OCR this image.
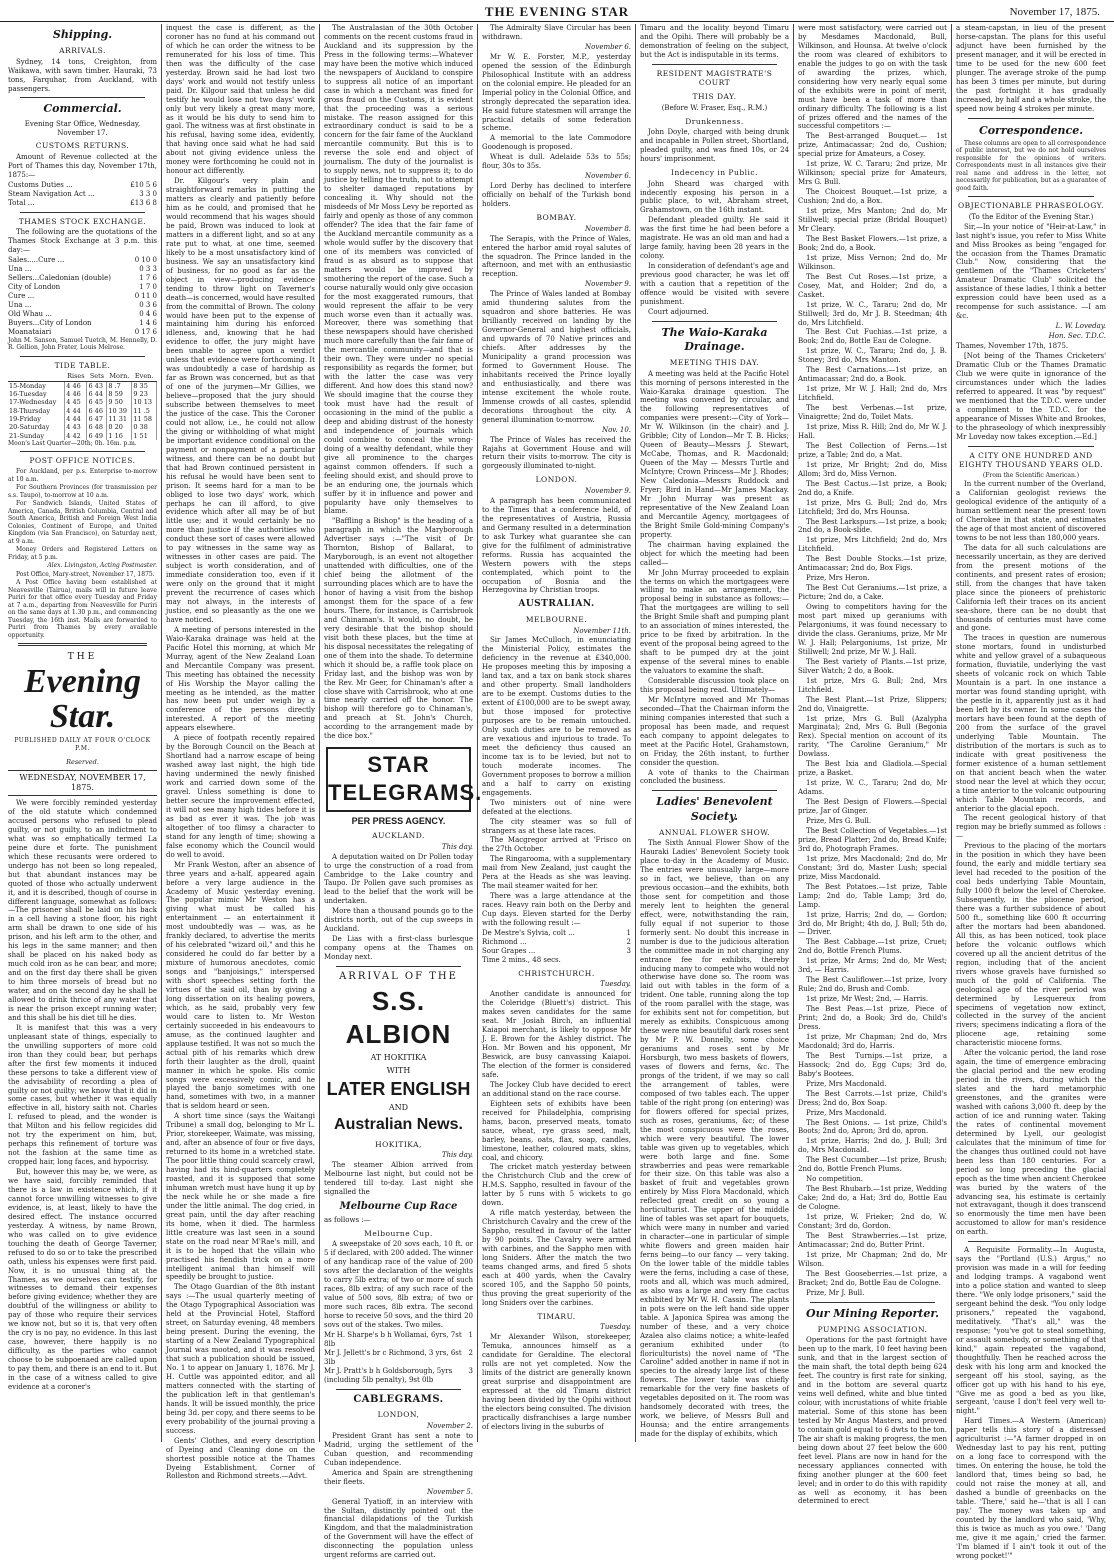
THE EVENING STAR	November 17, 1875.
Shipping.
ARRIVALS.

Sydney, 14 tons, Creighton, from Waikawa, with sawn timber. Hauraki, 73 tons, Farquhar, from Auckland, with passengers.

Commercial.

Evening Star Office, Wednesday, November 17.

CUSTOMS RETURNS.

Amount of Revenue collected at the Port of Thames this day, November 17th, 1875:—

Customs Duties ...	£10 5 6
Steam Navigation Act ...	3 3 0
Total ...	£13 6 8
THAMES STOCK EXCHANGE.

The following are the quotations of the Thames Stock Exchange at 3 p.m. this day:—

Sales.....Cure ...	0 10 0
Una ...	0 3 3
Sellers...Caledonian (double)	1 7 6
City of London	1 7 0
Cure ...	0 11 0
Una ...	0 3 6
Old Whau ...	0 4 6
Buyers...City of London	1 4 6
Moanataiari	0 17 6

John M. Sanson, Samuel Tuetch, M. Hennelly, D. R. Gellion, John Frater, Louis Melrose.

TIDE TABLE.
	Rises	Sets	Morn.	Even.
15-Monday	4 46	6 43	8 .7	8 35
16-Tuesday	4 46	6 44	8 59	9 23
17-Wednesday	4 45	6 45	9 50	10 13
18-Thursday	4 44	6 46	10 39	11 .5
19-Friday	4 44	6 47	11 31	11 58
20-Saturday	4 43	6 48	0 20	0 38
21-Sunday	4 42	6 49	1 16	1 51

Moon's Last Quarter—20th; 0h. 16m. p.m.

POST OFFICE NOTICES.

For Auckland, per p.s. Enterprise to-morrow at 10 a.m.

For Southern Provinces (for transmission per s.s. Taupo), to-morrow at 10 a.m.

For Sandwich Islands, United States of America, Canada, British Columbia, Central and South America, British and Foreign West India Colonies, Continent of Europe, and United Kingdom (via San Francisco), on Saturday next, at 9 a.m.

Money Orders and Registered Letters on Friday, at 5 p.m.

Alex. Livingston, Acting Postmaster.

Post Office, Mary-street, November 17, 1875.

A Post Office having been established at Neavesville (Tairua), mails will in future leave Puriri for that office every Tuesday and Friday at 7 a.m., departing from Neavesville for Puriri on the same days at 1.30 p.m., and commencing Tuesday, the 16th inst. Mails are forwarded to Puriri from Thames by every available opportunity.

THE
Evening Star.
PUBLISHED DAILY AT FOUR O'CLOCK P.M.
Reserved.
WEDNESDAY, NOVEMBER 17, 1875.

We were forcibly reminded yesterday of the old statute which condemned accused persons who refused to plead guilty, or not guilty, to an indictment to what was so emphatically termed La peine dure et forte. The punishment which these recusants were ordered to undergo has not been so long repealed, but that abundant instances may be quoted of those who actually underwent it, and it is described, though of course in different language, somewhat as follows:—The prisoner shall be laid on his back in a cell having a stone floor, his right arm shall be drawn to one side of his prison, and his left arm to the other, and his legs in the same manner; and then shall be placed on his naked body as much cold iron as he can bear, and more; and on the first day there shall be given to him three morsels of bread but no water, and on the second day he shall be allowed to drink thrice of any water that is near the prison except running water; and this shall be his diet till he dies.

It is manifest that this was a very unpleasant state of things, especially to the unwilling supporters of more cold iron than they could bear, but perhaps after the first few moments it induced these persons to take a different view of the advisability of recording a plea of guilty or not guilty; we know that it did in some cases, but whether it was equally effective in all, history saith not. Charles I. refused to plead, and the wonder is that Milton and his fellow regicides did not try the experiment on him, but, perhaps this refinement of torture was not the fashion at the same time as cropped hair, long faces, and hypocrisy.

But, however this may be, we were, as we have said, forcibly reminded that there is a law in existence which, if it cannot force unwilling witnesses to give evidence, is, at least, likely to have the desired effect. The instance occurred yesterday. A witness, by name Brown, who was called on to give evidence touching the death of George Taverner, refused to do so or to take the prescribed oath, unless his expenses were first paid. Now, it is no unusual thing at the Thames, as we ourselves can testify, for witnesses to demand their expenses before giving evidence; whether they are doubtful of the willingness or ability to pay of those who require their services we know not, but so it is, that very often the cry is no pay, no evidence. In this last case, however, there happily is no difficulty, as the parties who cannot choose to be subpoenaed are called upon to pay them, and there is an end to it. But in the case of a witness called to give evidence at a coroner's

inquest the case is different, as the coroner has no fund at his command out of which he can order the witness to be remunerated for his loss of time. This then was the difficulty of the case yesterday. Brown said he had lost two days' work and would not testify unless paid. Dr. Kilgour said that unless he did testify he would lose not two days' work only but very likely a great many more, as it would be his duty to send him to gaol. The witness was at first obstinate in his refusal, having some idea, evidently, that having once said what he had said about not giving evidence unless the money were forthcoming he could not in honour act differently.

Dr. Kilgour's very plain and straightforward remarks in putting the matters as clearly and patiently before him as he could, and promised that he would recommend that his wages should be paid, Brown was induced to look at matters in a different light, and so at any rate put to what, at one time, seemed likely to be a most unsatisfactory kind of business. We say an unsatisfactory kind of business, for no good as far as the object in view—producing evidence tending to throw light on Taverner's death—is concerned, would have resulted from the committal of Brown. The colony would have been put to the expense of maintaining him during his enforced idleness, and, knowing that he had evidence to offer, the jury might have been unable to agree upon a verdict unless that evidence were forthcoming. It was undoubtedly a case of hardship as far as Brown was concerned, but as that of one of the jurymen—Mr Gillies, we believe—proposed that the jury should subscribe between themselves to meet the justice of the case. This the Coroner could not allow, i.e., he could not allow the giving or withholding of what might be important evidence conditional on the payment or nonpayment of a particular witness, and there can be no doubt but that had Brown continued persistent in his refusal he would have been sent to prison. It seems hard for a man to be obliged to lose two days' work, which perhaps he can ill afford, to give evidence which after all may be of but little use; and it would certainly be no more than justice if the authorities who conduct these sort of cases were allowed to pay witnesses in the same way as witnesses in other cases are paid. The subject is worth consideration, and of immediate consideration too, even if it were only on the ground that it might prevent the recurrence of cases which may not always, in the interests of justice, end so pleasantly as the one we have noticed.

A meeting of persons interested in the Waio-Karaka drainage was held at the Pacific Hotel this morning, at which Mr Murray, agent of the New Zealand Loan and Mercantile Company was present. This meeting has obtained the necessity of His Worship the Mayor calling the meeting as he intended, as the matter has now been put under weigh by a conference of the persons directly interested. A report of the meeting appears elsewhere.

A piece of footpath recently repaired by the Borough Council on the Beach at Shortland had a narrow escape of being washed away last night, the high tide having undermined the newly finished work and carried down some of the gravel. Unless something is done to better secure the improvement effected, it will not see many high tides before it is as bad as ever it was. The job was altogether of too flimsy a character to stand for any length of time; showing a false economy which the Council would do well to avoid.

Mr Frank Weston, after an absence of three years and a-half, appeared again before a very large audience in the Academy of Music yesterday evening. The popular mimic Mr Weston has a giving what must be called his entertainment — an entertainment it most undoubtedly was — was, as he frankly declared, to advertise the merits of his celebrated "wizard oil," and this he considered he could do far better by a mixture of humorous anecdotes, comic songs and "banjoisings," interspersed with short speeches setting forth the virtues of the said oil, than by giving a long dissertation on its healing powers, which, as he said, probably very few would care to listen to. Mr Weston certainly succeeded in his endeavours to amuse, as the continued laughter and applause testified. It was not so much the actual pith of his remarks which drew forth their laughter as the droll, quaint manner in which he spoke. His comic songs were excessively comic, and he played the banjo sometimes with one hand, sometimes with two, in a manner that is seldom heard or seen.

A short time since (says the Waitangi Tribune) a small dog, belonging to Mr L. Prior, storekeeper, Waimate, was missing, and, after an absence of four or five days, returned to its home in a wretched state. The poor little thing could scarcely crawl, having had its hind-quarters completely roasted, and it is supposed that some inhuman wretch must have hung it up by the neck while he or she made a fire under the little animal. The dog cried, in great pain, until the day after reaching its home, when it died. The harmless little creature was last seen in a sound state on the road near M'Rae's mill, and it is to be hoped that the villain who practised his fiendish trick on a more intelligent animal than himself will speedily be brought to justice.

The Otago Guardian of the 8th instant says :—The usual quarterly meeting of the Otago Typographical Association was held at the Provincial Hotel, Stafford street, on Saturday evening, 48 members being present. During the evening, the starting of a New Zealand Typographical Journal was mooted, and it was resolved that such a publication should be issued, No. 1 to appear on January 1, 1876. Mr J. H. Cuttle was appointed editor, and all matters connected with the starting of the publication left in that gentleman's hands. It will be issued monthly, the price being 3d. per copy, and there seems to be every probability of the journal proving a success.

Gents' Clothes, and every description of Dyeing and Cleaning done on the shortest possible notice at the Thames Dyeing Establishment, Corner of Rolleston and Richmond streets.—Advt.

The Australasian of the 30th October comments on the recent customs fraud in Auckland and its suppression by the Press in the following terms:—Whatever may have been the motive which induced the newspapers of Auckland to conspire to suppress all notice of an important case in which a merchant was fined for gross fraud on the Customs, it is evident that the proceeding was a serious mistake. The reason assigned for this extraordinary conduct is said to be a concern for the fair fame of the Auckland mercantile community. But this is to reverse the sole end and object of journalism. The duty of the journalist is to supply news, not to suppress it; to do justice by telling the truth, not to attempt to shelter damaged reputations by concealing it. Why should not the misdeeds of Mr Moss Levy be reported as fairly and openly as those of any common offender? The idea that the fair fame of the Auckland mercantile community as a whole would suffer by the discovery that one of its members was convicted of fraud is as absurd as to suppose that matters would be improved by smothering the report of the case. Such a course naturally would only give occasion for the most exaggerated rumours, that would represent the affair to be very much worse even than it actually was. Moreover, there was something that these newspapers should have cherished much more carefully than the fair fame of the mercantile community—and that is their own. They were under no special responsibility as regards the former, but with the latter the case was very different. And how does this stand now? We should imagine that the course they took must have had the result of occasioning in the mind of the public a deep and abiding distrust of the honesty and independence of journals which could combine to conceal the wrong-doing of a wealthy defendant, while they give all prominence to the charges against common offenders. If such a feeling should exist, and should prove to be an enduring one, the journals which suffer by it in influence and power and popularity have only themselves to blame.

"Baffling a Bishop" is the heading of a paragraph in which the Maryborough Advertiser says :—"The visit of Dr Thornton, Bishop of Ballarat, to Maryborough, is an event not altogether unattended with difficulties, one of the chief being the allotment of the surrounding places which are to have the honor of having a visit from the bishop amongst them for the space of a few hours. There, for instance, is Carrisbrook and Chinaman's. It would, no doubt, be very desirable that the bishop should visit both these places, but the time at his disposal necessitates the relegating of one of them into the shade. To determine which it should be, a raffle took place on Friday last, and the bishop was won by the Rev. Mr Geer, for Chinaman's after a close shave with Carrisbrook, who at one time nearly carried off the honor. The bishop will therefore go to Chinaman's, and preach at St. John's Church, according to the arrangement made by the dice box."

STAR TELEGRAMS.
PER PRESS AGENCY.
AUCKLAND.

This day.

A deputation waited on Dr Pollen today to urge the construction of a road from Cambridge to the Lake country and Taupo. Dr Pollen gave such promises as lead to the belief that the work will be undertaken.

More than a thousand pounds go to the districts north, out of the cup sweeps in Auckland.

De Lias with a first-class burlesque company opens at the Thames on Monday next.

ARRIVAL OF THE
S.S. ALBION
AT HOKITIKA
WITH
LATER ENGLISH
AND
Australian News.
HOKITIKA,

This day.

The steamer Albion arrived from Melbourne last night, but could not be tendered till to-day. Last night she signalled the

Melbourne Cup Race

as follows :—

Melbourne Cup.

A sweepstake of 20 sovs each, 10 ft. or 5 if declared, with 200 added. The winner of any handicap race of the value of 200 sovs after the declaration of the weights to carry 5lb extra; of two or more of such races, 8lb extra; of any such race of the value of 500 sovs, 8lb extra; of two or more such races, 8lb extra. The second horse to receive 50 sovs, and the third 20 sovs out of the stakes. Two miles.

Mr H. Sharpe's b h Wollamai, 6yrs, 7st 8lb
1
Mr J. Jellett's br c Richmond, 3 yrs, 6st 3lb
2
Mr J. Pratt's b h Goldsborough, 5yrs (including 5lb penalty), 9st 0lb
3
CABLEGRAMS.
LONDON,

November 2.

President Grant has sent a note to Madrid, urging the settlement of the Cuban question, and recommending Cuban independence.

America and Spain are strengthening their fleets.

November 5.

General Tyatioff, in an interview with the Sultan, distinctly pointed out the financial dilapidations of the Turkish Kingdom, and that the maladministration of the Government will have the effect of disconnecting the population unless urgent reforms are carried out.

The Admiralty Slave Circular has been withdrawn.

November 6.

Mr W. E. Forster, M.P., yesterday opened the session of the Edinburgh Philosophical Institute with an address on the colonial empire. He pleaded for an Imperial policy in the Colonial Office, and strongly deprecated the separation idea. He said future statesmen will arrange the practical details of some federation scheme.

A memorial to the late Commodore Goodenough is proposed.

Wheat is dull. Adelaide 53s to 55s; flour, 30s to 35s.

November 6.

Lord Derby has declined to interfere officially on behalf of the Turkish bond holders.

BOMBAY.

November 8.

The Serapis, with the Prince of Wales, entered the harbor amid royal salutes of the squadron. The Prince landed in the afternoon, and met with an enthusiastic reception.

November 9.

The Prince of Wales landed at Bombay amid thundering salutes from the squadron and shore batteries. He was brilliantly received on landing by the Governor-General and highest officials, and upwards of 70 Native princes and chiefs. After addresses by the Municipality a grand procession was formed to Government House. The inhabitants received the Prince loyally and enthusiastically, and there was intense excitement the whole route. Immense crowds of all castes, splendid decorations throughout the city. A general illumination to-morrow.

Nov. 10.

The Prince of Wales has received the Rajahs at Government House and will return their visits to-morrow. The city is gorgeously illuminated to-night.

LONDON.

November 9.

A paragraph has been communicated to the Times that a conference held, of the representatives of Austria, Russia and Germany resulted in a determination to ask Turkey what guarantee she can give for the fulfilment of administrative reforms. Russia has acquainted the Western powers with the steps contemplated, which point to the occupation of Bosnia and the Herzegovina by Christian troops.

AUSTRALIAN.
MELBOURNE.

November 11th.

Sir James McCulloch, in enunciating the Ministerial Policy, estimates the deficiency in the revenue at £340,000. He proposes meeting this by imposing a land tax, and a tax on bank stock shares and other property. Small landholders are to be exempt. Customs duties to the extent of £100,000 are to be swept away, but those imposed for protective purposes are to be remain untouched. Only such duties are to be removed as are vexatious and injurious to trade. To meet the deficiency thus caused an income tax is to be levied, but not to touch moderate incomes. The Government proposes to borrow a million and a half to carry on existing engagements.

Two ministers out of nine were defeated at the elections.

The city steamer was so full of strangers as at these late races.

The Macgregor arrived at 'Frisco on the 27th October.

The Ringarooma, with a supplementary mail from New Zealand, just caught the Pera at the Heads as she was leaving. The mail steamer waited for her.

There was a large attendance at the races. Heavy rain both on the Derby and Cup days. Eleven started for the Derby with the following result :—

De Mestre's Sylvia, colt ...	1
Richmond ...	2
Sour Grapes ...	3

Time 2 mins., 48 secs.

CHRISTCHURCH.

Tuesday.

Another candidate is announced for the Coleridge (Bluett's) district. This makes seven candidates for the same seat. Mr Josiah Birch, an influential Kaiapoi merchant, is likely to oppose Mr J. E. Brown for the Ashley district. The Hon. Mr Bowen and his opponent, Mr Beswick, are busy canvassing Kaiapoi. The election of the former is considered safe.

The Jockey Club have decided to erect an additional stand on the race course.

Eighteen sets of exhibits have been received for Philadelphia, comprising hams, bacon, preserved meats, tomato sauce, wheat, rye grass seed, malt, barley, beans, oats, flax, soap, candles, limestone, leather, coloured mats, skins, coal, and chicory.

The cricket match yesterday between the Christchurch Club and the crew of H.M.S. Sappho, resulted in favour of the latter by 5 runs with 5 wickets to go down.

A rifle match yesterday, between the Christchurch Cavalry and the crew of the Sappho, resulted in favour of the latter by 90 points. The Cavalry were armed with carbines, and the Sappho men with long Sniders. After the match the two teams changed arms, and fired 5 shots each at 400 yards, when the Cavalry scored 105, and the Sappho 50 points, thus proving the great superiority of the long Sniders over the carbines.

TIMARU.

Tuesday.

Mr Alexander Wilson, storekeeper, Temuka, announces himself as a candidate for Geraldine. The electoral rolls are not yet completed. Now the limits of the district are generally known great surprise and disappointment are expressed at the old Timaru district having been divided by the Opihi without the electors being consulted. The division practically disfranchises a large number of electors living in the suburbs of

Timaru and the locality beyond Timaru and the Opihi. There will probably be a demonstration of feeling on the subject, but the Act is indisputable in its terms.

RESIDENT MAGISTRATE'S COURT
THIS DAY.

(Before W. Fraser, Esq., R.M.)

Drunkenness.

John Doyle, charged with being drunk and incapable in Pollen street, Shortland, pleaded guilty, and was fined 10s, or 24 hours' imprisonment.

Indecency in Public.

John Sheard was charged with indecently exposing his person in a public place, to wit, Abraham street, Grahamstown, on the 16th instant.

Defendant pleaded guilty. He said it was the first time he had been before a magistrate. He was an old man and had a large family, having been 28 years in the colony.

In consideration of defendant's age and previous good character, he was let off with a caution that a repetition of the offence would be visited with severe punishment.

Court adjourned.

The Waio-Karaka Drainage.
MEETING THIS DAY.

A meeting was held at the Pacific Hotel this morning of persons interested in the Waio-Karaka drainage question. The meeting was convened by circular, and the following representatives of companies were present:—City of York—Mr W. Wilkinson (in the chair) and J. Gribble; City of London—Mr T. B. Hicks; Queen of Beauty—Messrs J. Stewart, McCabe, Thomas, and R. Macdonald; Queen of the May — Messrs Turtle and McIntyre; Crown Princess—Mr J. Rhodes; New Caledonia—Messrs Ruddock and Fryer; Bird in Hand—Mr James Mackay. Mr John Murray was present as representative of the New Zealand Loan and Mercantile Agency, mortgagees of the Bright Smile Gold-mining Company's property.

The chairman having explained the object for which the meeting had been called—

Mr John Murray proceeded to explain the terms on which the mortgagees were willing to make an arrangement, the proposal being in substance as follows:—That the mortgagees are willing to sell the Bright Smile shaft and pumping plant to an association of mines interested, the price to be fixed by arbitration. In the event of the proposal being agreed to the shaft to be pumped dry at the joint expense of the several mines to enable the valuators to examine the shaft.

Considerable discussion took place on this proposal being read. Ultimately—

Mr McIntyre moved and Mr Thomas seconded—That the Chairman inform the mining companies interested that such a proposal has been made, and request each company to appoint delegates to meet at the Pacific Hotel, Grahamstown, on Friday, the 26th instant, to further consider the question.

A vote of thanks to the Chairman concluded the business.

Ladies' Benevolent Society.
ANNUAL FLOWER SHOW.

The Sixth Annual Flower Show of the Hauraki Ladies' Benevolent Society took place to-day in the Academy of Music. The entries were unusually large—more so in fact, we believe, than on any previous occasion—and the exhibits, both those sent for competition and those merely lent to heighten the general effect, were, notwithstanding the rain, fully equal if not superior to those formerly sent. No doubt this increase in number is due to the judicious alteration the committee made in not charging any entrance fee for exhibits, thereby inducing many to compete who would not otherwise have done so. The room was laid out with tables in the form of a trident. One table, running along the top of the room parallel with the stage, was for exhibits sent not for competition, but merely as exhibits. Conspicuous among these were nine beautiful dark roses sent by Mr P. W. Donnelly, some choice geraniums and roses sent by Mr Horsburgh, two mess baskets of flowers, vases of flowers and ferns, &c. The prongs of the trident, if we may so call the arrangement of tables, were composed of two tables each. The upper table of the right prong (on entering) was for flowers offered for special prizes, such as roses, geraniums, &c; of these the most conspicuous were the roses, which were very beautiful. The lower table was given up to vegetables, which were both large and fine. Some strawberries and peas were remarkable for their size. On this table was also a basket of fruit and vegetables grown entirely by Miss Flora Macdonald, which reflected great credit on so young a horticulturist. The upper of the middle line of tables was set apart for bouquets, which were many in number and varied in character—one in particular of simple white flowers and green maiden hair ferns being—to our fancy — very taking. On the lower table of the middle tables were the ferns, including a case of these, roots and all, which was much admired, as also was a large and very fine cactus exhibited by Mr W. H. Cassin. The plants in pots were on the left hand side upper table. A Japonica Spirea was among the number of these, and a very choice Azalea also claims notice; a white-leafed geranium exhibited under (to floriculturists) the novel name of "The Caroline" added another in name if not in species to the already large list of these flowers. The lower table was chiefly remarkable for the very fine baskets of vegetables deposited on it. The room was handsomely decorated with trees, the work, we believe, of Messrs Bull and Hounsa; and the entire arrangements made for the display of exhibits, which

were most satisfactory, were carried out by Mesdames Macdonald, Bull, Wilkinson, and Hounsa. At twelve o'clock the room was cleared of exhibitors to enable the judges to go on with the task of awarding the prizes, which, considering how very nearly equal some of the exhibits were in point of merit, must have been a task of more than ordinary difficulty. The following is a list of prizes offered and the names of the successful competitors :—

The Best-arranged Bouquet.— 1st prize, Antimacassar; 2nd do, Cushion; special prize for Amateurs, a Cosey.

1st prize, W. C. Tararu; 2nd prize, Mr Wilkinson; special prize for Amateurs, Mrs G. Bull.

The Choicest Bouquet.—1st prize, a Cushion; 2nd do, a Box.

1st prize, Mrs Manton; 2nd do, Mr Stillwell; special prize (Bridal Bouquet) Mr Cleary.

The Best Basket Flowers.—1st prize, a Book; 2nd do, a Book.

1st prize, Miss Vernon; 2nd do, Mr Wilkinson.

The Best Cut Roses.—1st prize, a Cosey, Mat, and Holder; 2nd do, a Casket.

1st prize, W. C., Tararu; 2nd do, Mr Stillwell; 3rd do, Mr J. B. Steedman; 4th do, Mrs Litchfield.

The Best Cut Fuchias.—1st prize, a Book; 2nd do, Bottle Eau de Cologne.

1st prize, W. C., Tararu; 2nd do, J. B. Stoney; 3rd do, Mrs Manton.

The Best Carnations.—1st prize, an Antimacassar; 2nd do, a Book.

1st prize, Mr W. J. Hall; 2nd do, Mrs Litchfield.

The best Verbenas.—1st prize, Vinaigrette; 2nd do, Toilet Mats.

1st prize, Miss R. Hill; 2nd do, Mr W. J. Hall.

The Best Collection of Ferns.—1st prize, a Table; 2nd do, a Mat.

1st prize, Mr Bright; 2nd do, Miss Allom; 3rd do, Miss Vernon.

The Best Cactus.—1st prize, a Book; 2nd do, a Knife.

1st prize, Mrs G. Bull; 2nd do, Mrs Litchfield; 3rd do, Mrs Hounsa.

The Best Larkspurs.—1st prize, a book; 2nd do, a Book-slide.

1st prize, Mrs Litchfield; 2nd do, Mrs Litchfield.

The Best Double Stocks.—1st prize, Antimacassar; 2nd do, Box Figs.

Prize, Mrs Heron.

The Best Cut Geraniums.—1st prize, a Picture; 2nd do, a Cake.

Owing to competitors having for the most part mixed up geraniums with Pelargoniums, it was found necessary to divide the class. Geraniums, prize, Mr Mr W. J. Hall; Pelargoniums, 1st prize, Mr Stillwell; 2nd prize, Mr W. J. Hall.

The Best variety of Plants.—1st prize, Silver Watch; 2 do, a Book.

1st prize, Mrs G. Bull; 2nd, Mrs Litchfield.

The Best Plant.—1st Prize, Slippers; 2nd do, Vinaigrette.

1st prize, Mrs G. Bull (Azalypha Marginata); 2nd, Mrs G. Bull (Begonia Rex). Special mention on account of its rarity, "The Caroline Geranium," Mr Dowlass.

The Best Ixia and Gladiola.—Special prize, a Basket.

1st prize, W. C., Tararu; 2nd do, Mr Adams.

The Best Design of Flowers.—Special prize, Jar of Ginger.

Prize, Mrs G. Bull.

The Best Collection of Vegetables.—1st prize, Bread Platter; 2nd do, Bread Knife; 3rd do, Photograph Frames.

1st prize, Mrs Macdonald; 2nd do, Mr Constant; 3rd do, Master Lush; special prize, Miss Macdonald.

The Best Potatoes.—1st prize, Table Lamp; 2nd do, Table Lamp; 3rd do, Lamp.

1st prize, Harris; 2nd do, — Gordon; 3rd do, Mr Bright; 4th do, J. Bull; 5th do, — Driver.

The Best Cabbage.—1st prize, Cruet; 2nd do, Bottle French Plums.

1st prize, Mr Arms; 2nd do, Mr West; 3rd, — Harris.

The Best Cauliflower.—1st prize, Ivory Rule; 2nd do, Brush and Comb.

1st prize, Mr West; 2nd, — Harris.

The Best Peas.—1st prize, Piece of Print; 2nd do, a Book; 3rd do, Child's Dress.

1st prize, Mr Chapman; 2nd do, Mrs Macdonald; 3rd do, Harris.

The Best Turnips.—1st prize, a Hassock; 2nd do, Egg Cups; 3rd do, Baby's Bootees.

Prize, Mrs Macdonald.

The Best Carrots.—1st prize, Child's Dress; 2nd do, Box Soap.

Prize, Mrs Macdonald.

The Best Onions. — 1st prize, Child's Boots; 2nd do, Apron; 3rd do, apron.

1st prize, Harris; 2nd do, J. Bull; 3rd do, Mrs Macdonald.

The Best Cucumber.—1st prize, Brush; 2nd do, Bottle French Plums.

No competition.

The Best Rhubarb.—1st prize, Wedding Cake; 2nd do, a Hat; 3rd do, Bottle Eau de Cologne.

1st prize, W. Frieker; 2nd do, W. Constant; 3rd do, Gordon.

The Best Strawberries.—1st prize, Antimacassar; 2nd do, Butter Print.

1st prize, Mr Chapman; 2nd do, Mr Wilson.

The Best Gooseberries.—1st prize, a Bracket; 2nd do, Bottle Eau de Cologne.

Prize, Mr J. Bull.

Our Mining Reporter.
PUMPING ASSOCIATION.

Operations for the past fortnight have been up to the mark, 10 feet having been sunk, and that in the largest section of the main shaft, the total depth being 624 feet. The country is first rate for sinking, and in the bottom are several quartz veins well defined, white and blue tinted colour, with incrustations of white friable material. Some of this stone has been tested by Mr Angus Masters, and proved to contain gold equal to 6 dwts to the ton. The air shaft is making progress, the men being down about 27 feet below the 600 feet level. Plans are now in hand for the necessary appliances connected with fixing another plunger at the 600 feet level; and in order to do this with rapidity as well as economy, it has been determined to erect

a steam-capstan, in lieu of the present horse-capstan. The plans for this useful adjunct have been furnished by the present manager, and it will be erected in time to be used for the new 600 feet plunger. The average stroke of the pump has been 3 times per minute, but during the past fortnight it has gradually increased, by half and a whole stroke, the speed now being 4 strokes per minute.

Correspondence.

These columns are open to all correspondence of public interest, but we do not hold ourselves responsible for the opinions of writers. Correspondents must in all instances give their real name and address in the letter, not necessarily for publication, but as a guarantee of good faith.

OBJECTIONABLE PHRASEOLOGY.

(To the Editor of the Evening Star.)

Sir,—In your notice of "Heir-at-Law," in last night's issue, you refer to Miss White and Miss Brookes as being "engaged for the occasion from the Thames Dramatic Club." Now, considering that the gentlemen of the "Thames Cricketers' Amateur Dramatic Club" solicited the assistance of these ladies, I think a better expression could have been used as a recompense for such assistance. —I am &c.

L. W. Loveday.

Hon. Sec. T.D.C.

Thames, November 17th, 1875.

[Not being of the Thames Cricketers' Dramatic Club or the Thames Dramatic Club we were quite in ignorance of the circumstances under which the ladies referred to appeared. It was "by request" we mentioned that the T.D.C. were under a compliment to the T.D.C. for the appearance of Misses White and Brookes, to the phraseology of which inexpressibly Mr Loveday now takes exception.—Ed.]

A CITY ONE HUNDRED AND EIGHTY THOUSAND YEARS OLD.

(From the Scientific American.)

In the current number of the Overland, a Californian geologist reviews the geological evidence of the antiquity of a human settlement near the present town of Cherokee in that state, and estimates the age of that most ancient of discovered towns to be not less than 180,000 years.

The data for all such calculations are necessarily uncertain, as they are derived from the present motions of the continents, and present rates of erosion; still, from the changes that have taken place since the pioneers of prehistoric California left their traces on its ancient sea-shore, there can be no doubt that thousands of centuries must have come and gone.

The traces in question are numerous stone mortars, found in undisturbed white and yellow gravel of a subaqueous formation, fluviatile, underlying the vast sheets of volcanic rock on which Table Mountain is a part. In one instance a mortar was found standing upright, with the pestle in it, apparently just as it had been left by its owner. In some cases the mortars have been found at the depth of 200 from the surface of the gravel underlying Table Mountain. The distribution of the mortars is such as to indicate with great positiveness the former existence of a human settlement on that ancient beach when the water stood near the level at which they occur, a time anterior to the volcanic outpouring which Table Mountain records, and anterior to the glacial epoch.

The recent geological history of that region may be briefly summed as follows :—

Previous to the placing of the mortars in the position in which they have been found, the early and middle tertiary sea level had receded to the position of the coal beds underlying Table Mountain, fully 1000 ft below the level of Cherokee. Subsequently, in the pliocene period, there was a further subsidence of about 500 ft., something like 600 ft occurring after the mortars had been abandoned. All this, as has been noticed, took place before the volcanic outflows which covered up all the ancient detritus of the region, including that of the ancient rivers whose gravels have furnished so much of the gold of California. The geological age of the river period was determined by Lesquereux from specimens of vegetation now extinct, collected in the survey of the ancient rivers; specimens indicating a flora of the pliocene age, retaining some characteristic miocene forms.

After the volcanic period, the land rose again, the time of emergence embracing the glacial period and the new eroding period in the rivers, during which the slates and the hard metamorphic greenstones, and the granites were washed with cañons 3,000 ft. deep by the action of ice and running water. Taking the rates of continental movement determined by Lyell, our geologist calculates that the minimum of time for the changes thus outlined could not have been less than 180 centuries. For a period so long preceding the glacial epoch as the time when ancient Cherokee was buried by the waters of the advancing sea, his estimate is certainly not extravagant, though it does transcend so enormously the time men have been accustomed to allow for man's residence on earth.

A Requisite Formality.—In Augusta, says the "Portland (U.S.) Argus," no provision was made in a will for feeding and lodging tramps. A vagabond went into a police station and wanted to sleep there. "We only lodge prisoners," said the sergeant behind the desk. "You only lodge prisoners," repeated the vagabond, meditatively. "That's all," was the response; "you've got to steal something, or assault somebody, or something of that kind," again repeated the vagabond, thoughtfully. Then he reached across the desk with his long arm and knocked the sergeant off his stool, saying, as the officer got up with his hand to his eye, "Give me as good a bed as you like, sergeant, 'cause I don't feel very well to-night."

Hard Times.—A Western (American) paper tells this story of a distressed agriculturist :—"A farmer dropped in on Wednesday last to pay his rent, putting on a long face to correspond with the times. On entering the house, he told the landlord that, times being so bad, he could not raise the money at all, and dashed a bundle of greenbacks on the table. 'There,' said he—'that is all I can pay.' The money was taken up and counted by the landlord who said, 'Why, this is twice as much as you owe.' 'Dang me, give it me again,' cried the farmer. 'I'm blamed if I ain't took it out of the wrong pocket!'"
